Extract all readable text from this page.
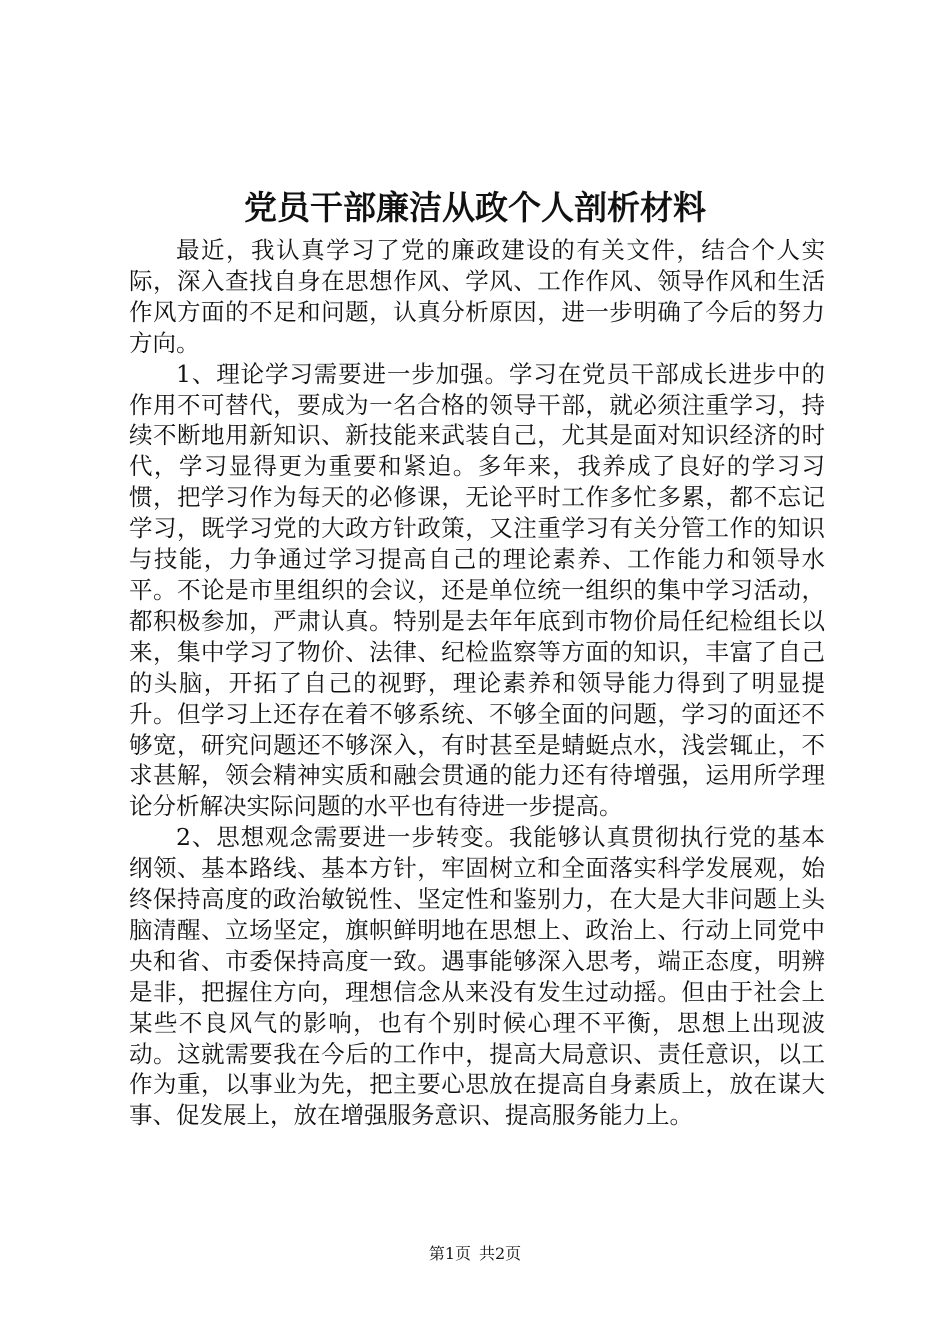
党员干部廉洁从政个人剖析材料

最近，我认真学习了党的廉政建设的有关文件，结合个人实际，深入查找自身在思想作风、学风、工作作风、领导作风和生活作风方面的不足和问题，认真分析原因，进一步明确了今后的努力方向。

1、理论学习需要进一步加强。学习在党员干部成长进步中的作用不可替代，要成为一名合格的领导干部，就必须注重学习，持续不断地用新知识、新技能来武装自己，尤其是面对知识经济的时代，学习显得更为重要和紧迫。多年来，我养成了良好的学习习惯，把学习作为每天的必修课，无论平时工作多忙多累，都不忘记学习，既学习党的大政方针政策，又注重学习有关分管工作的知识与技能，力争通过学习提高自己的理论素养、工作能力和领导水平。不论是市里组织的会议，还是单位统一组织的集中学习活动，都积极参加，严肃认真。特别是去年年底到市物价局任纪检组长以来，集中学习了物价、法律、纪检监察等方面的知识，丰富了自己的头脑，开拓了自己的视野，理论素养和领导能力得到了明显提升。但学习上还存在着不够系统、不够全面的问题，学习的面还不够宽，研究问题还不够深入，有时甚至是蜻蜓点水，浅尝辄止，不求甚解，领会精神实质和融会贯通的能力还有待增强，运用所学理论分析解决实际问题的水平也有待进一步提高。

2、思想观念需要进一步转变。我能够认真贯彻执行党的基本纲领、基本路线、基本方针，牢固树立和全面落实科学发展观，始终保持高度的政治敏锐性、坚定性和鉴别力，在大是大非问题上头脑清醒、立场坚定，旗帜鲜明地在思想上、政治上、行动上同党中央和省、市委保持高度一致。遇事能够深入思考，端正态度，明辨是非，把握住方向，理想信念从来没有发生过动摇。但由于社会上某些不良风气的影响，也有个别时候心理不平衡，思想上出现波动。这就需要我在今后的工作中，提高大局意识、责任意识，以工作为重，以事业为先，把主要心思放在提高自身素质上，放在谋大事、促发展上，放在增强服务意识、提高服务能力上。

第1页 共2页
